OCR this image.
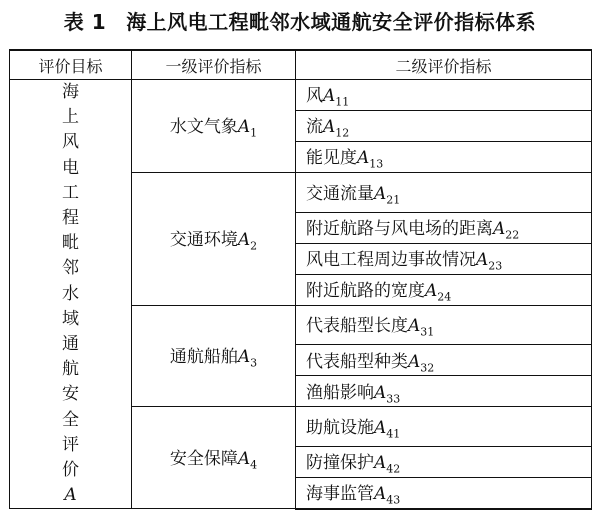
表 1 海上风电工程毗邻水域通航安全评价指标体系
评价目标	一级评价指标	二级评价指标
海上风电工程毗邻水域通航安全评价A	水文气象$A_1$	风$A_{11}$
		流$A_{12}$
		能见度$A_{13}$
	交通环境$A_2$	交通流量$A_{21}$
		附近航路与风电场的距离$A_{22}$
		风电工程周边事故情况$A_{23}$
		附近航路的宽度$A_{24}$
	通航船舶$A_3$	代表船型长度$A_{31}$
		代表船型种类$A_{32}$
		渔船影响$A_{33}$
	安全保障$A_4$	助航设施$A_{41}$
		防撞保护$A_{42}$
		海事监管$A_{43}$
